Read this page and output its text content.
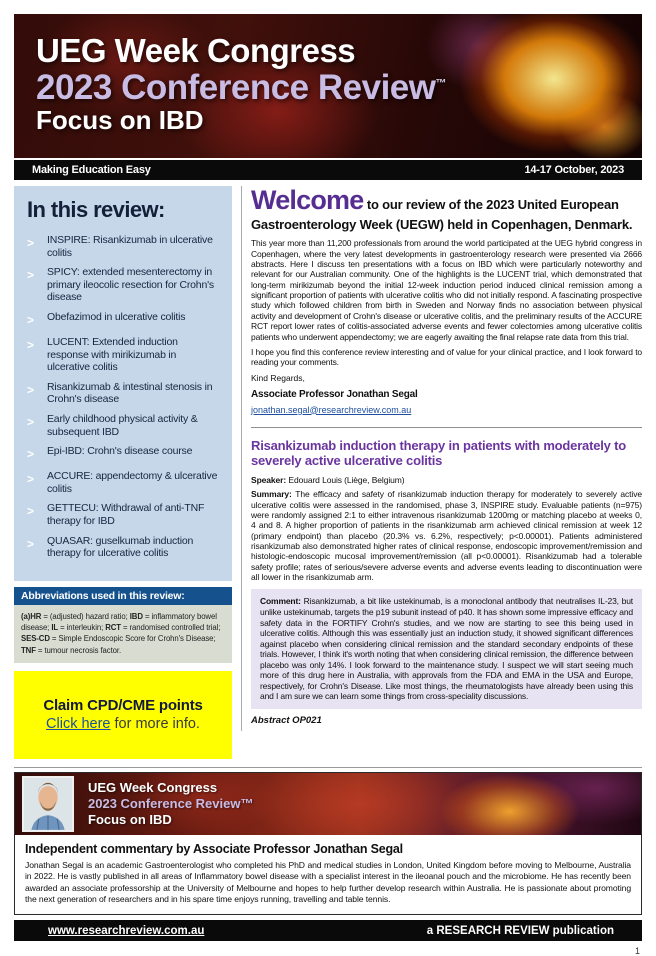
UEG Week Congress
2023 Conference Review™
Focus on IBD
Making Education Easy	14-17 October, 2023
In this review:
>
INSPIRE: Risankizumab in ulcerative colitis
>
SPICY: extended mesenterectomy in primary ileocolic resection for Crohn's disease
>
Obefazimod in ulcerative colitis
>
LUCENT: Extended induction response with mirikizumab in ulcerative colitis
>
Risankizumab & intestinal stenosis in Crohn's disease
>
Early childhood physical activity & subsequent IBD
>
Epi-IBD: Crohn's disease course
>
ACCURE: appendectomy & ulcerative colitis
>
GETTECU: Withdrawal of anti-TNF therapy for IBD
>
QUASAR: guselkumab induction therapy for ulcerative colitis
Abbreviations used in this review:
(a)HR = (adjusted) hazard ratio; IBD = inflammatory bowel disease; IL = interleukin; RCT = randomised controlled trial; SES-CD = Simple Endoscopic Score for Crohn's Disease; TNF = tumour necrosis factor.
Claim CPD/CME points
Click here for more info.
Welcome to our review of the 2023 United European Gastroenterology Week (UEGW) held in Copenhagen, Denmark.

This year more than 11,200 professionals from around the world participated at the UEG hybrid congress in Copenhagen, where the very latest developments in gastroenterology research were presented via 2666 abstracts. Here I discuss ten presentations with a focus on IBD which were particularly noteworthy and relevant for our Australian community. One of the highlights is the LUCENT trial, which demonstrated that long-term mirikizumab beyond the initial 12-week induction period induced clinical remission among a significant proportion of patients with ulcerative colitis who did not initially respond. A fascinating prospective study which followed children from birth in Sweden and Norway finds no association between physical activity and development of Crohn's disease or ulcerative colitis, and the preliminary results of the ACCURE RCT report lower rates of colitis-associated adverse events and fewer colectomies among ulcerative colitis patients who underwent appendectomy; we are eagerly awaiting the final relapse rate data from this trial.

I hope you find this conference review interesting and of value for your clinical practice, and I look forward to reading your comments.

Kind Regards,

Associate Professor Jonathan Segal
jonathan.segal@researchreview.com.au
Risankizumab induction therapy in patients with moderately to severely active ulcerative colitis

Speaker: Edouard Louis (Liège, Belgium)

Summary: The efficacy and safety of risankizumab induction therapy for moderately to severely active ulcerative colitis were assessed in the randomised, phase 3, INSPIRE study. Evaluable patients (n=975) were randomly assigned 2:1 to either intravenous risankizumab 1200mg or matching placebo at weeks 0, 4 and 8. A higher proportion of patients in the risankizumab arm achieved clinical remission at week 12 (primary endpoint) than placebo (20.3% vs. 6.2%, respectively; p<0.00001). Patients administered risankizumab also demonstrated higher rates of clinical response, endoscopic improvement/remission and histologic-endoscopic mucosal improvement/remission (all p<0.00001). Risankizumab had a tolerable safety profile; rates of serious/severe adverse events and adverse events leading to discontinuation were all lower in the risankizumab arm.

Comment: Risankizumab, a bit like ustekinumab, is a monoclonal antibody that neutralises IL-23, but unlike ustekinumab, targets the p19 subunit instead of p40. It has shown some impressive efficacy and safety data in the FORTIFY Crohn's studies, and we now are starting to see this being used in ulcerative colitis. Although this was essentially just an induction study, it showed significant differences against placebo when considering clinical remission and the standard secondary endpoints of these trials. However, I think it's worth noting that when considering clinical remission, the difference between placebo was only 14%. I look forward to the maintenance study. I suspect we will start seeing much more of this drug here in Australia, with approvals from the FDA and EMA in the USA and Europe, respectively, for Crohn's Disease. Like most things, the rheumatologists have already been using this and I am sure we can learn some things from cross-speciality discussions.
Abstract OP021
UEG Week Congress
2023 Conference Review™
Focus on IBD
Independent commentary by Associate Professor Jonathan Segal

Jonathan Segal is an academic Gastroenterologist who completed his PhD and medical studies in London, United Kingdom before moving to Melbourne, Australia in 2022. He is vastly published in all areas of Inflammatory bowel disease with a specialist interest in the ileoanal pouch and the microbiome. He has recently been awarded an associate professorship at the University of Melbourne and hopes to help further develop research within Australia. He is passionate about promoting the next generation of researchers and in his spare time enjoys running, travelling and table tennis.

www.researchreview.com.au	a RESEARCH REVIEW publication
1
